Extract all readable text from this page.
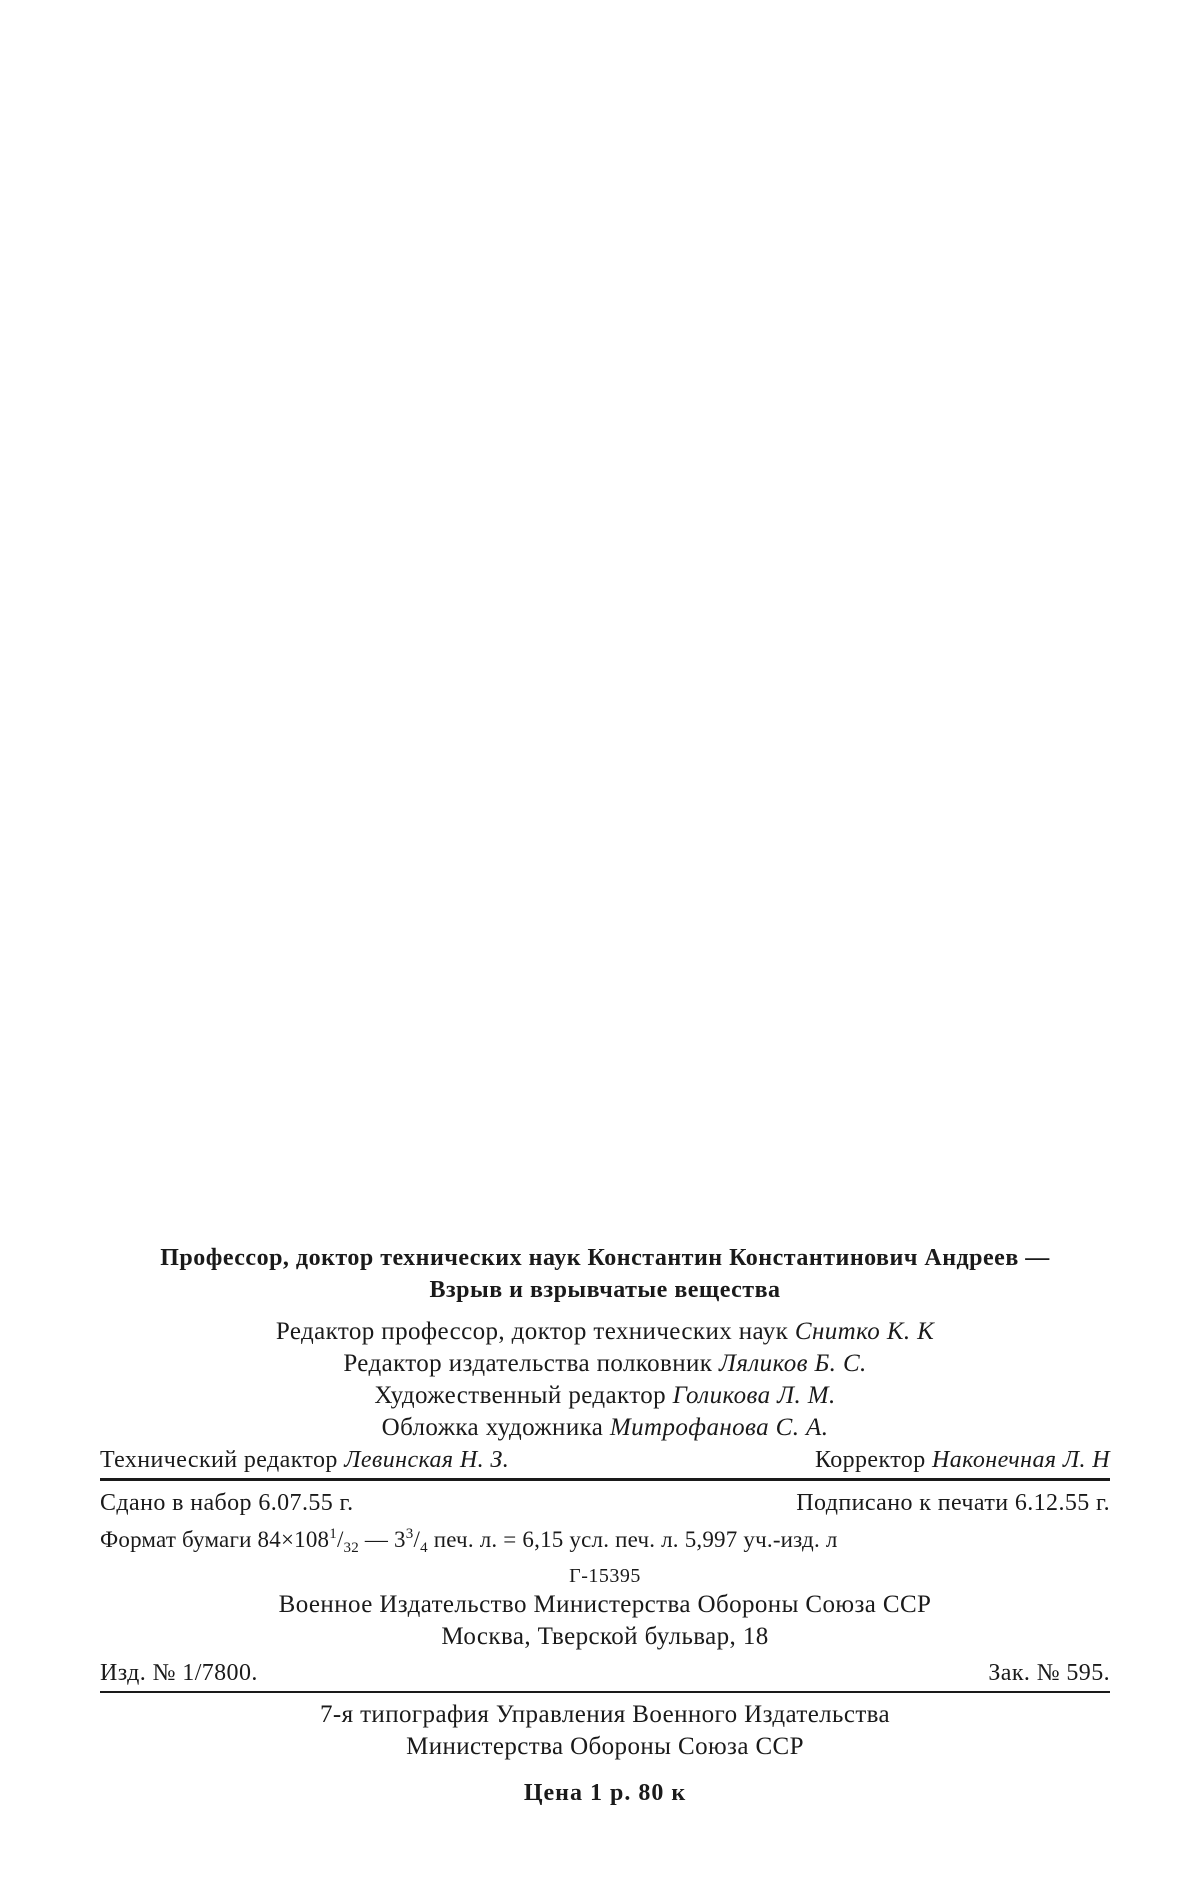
Профессор, доктор технических наук Константин Константинович Андреев —
Взрыв и взрывчатые вещества
Редактор профессор, доктор технических наук Снитко К. К
Редактор издательства полковник Ляликов Б. С.
Художественный редактор Голикова Л. М.
Обложка художника Митрофанова С. А.
Технический редактор Левинская Н. З.	Корректор Наконечная Л. Н
Сдано в набор 6.07.55 г.	Подписано к печати 6.12.55 г.
Формат бумаги $84\times 108^1/_{32}$ — $3^3/_4$ печ. л. = 6,15 усл. печ. л. 5,997 уч.-изд. л
Г-15395
Военное Издательство Министерства Обороны Союза ССР
Москва, Тверской бульвар, 18
Изд. № 1/7800.	Зак. № 595.
7-я типография Управления Военного Издательства
Министерства Обороны Союза ССР
Цена 1 р. 80 к
